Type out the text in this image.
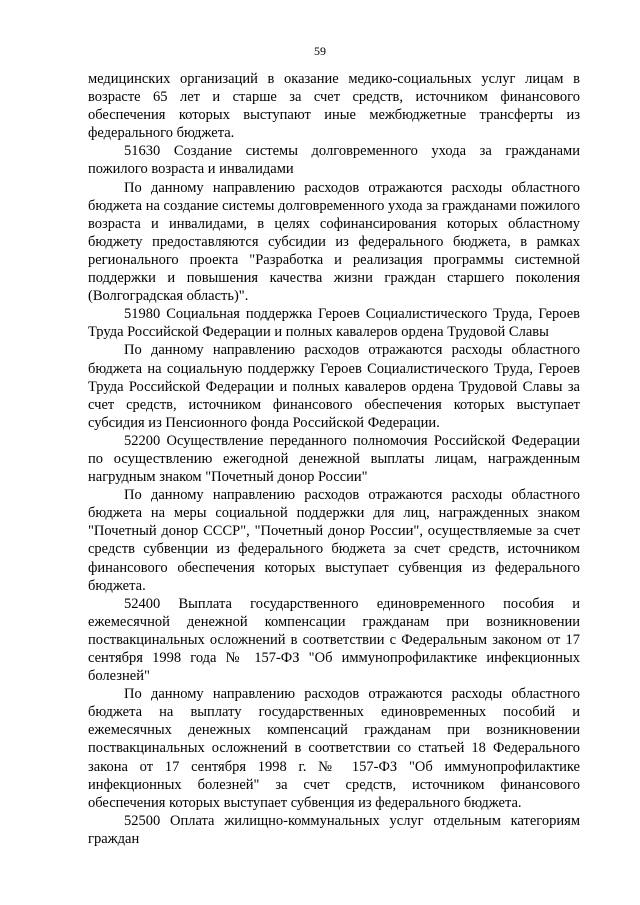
59

медицинских организаций в оказание медико-социальных услуг лицам в возрасте 65 лет и старше за счет средств, источником финансового обеспечения которых выступают иные межбюджетные трансферты из федерального бюджета.

51630 Создание системы долговременного ухода за гражданами пожилого возраста и инвалидами

По данному направлению расходов отражаются расходы областного бюджета на создание системы долговременного ухода за гражданами пожилого возраста и инвалидами, в целях софинансирования которых областному бюджету предоставляются субсидии из федерального бюджета, в рамках регионального проекта "Разработка и реализация программы системной поддержки и повышения качества жизни граждан старшего поколения (Волгоградская область)".

51980 Социальная поддержка Героев Социалистического Труда, Героев Труда Российской Федерации и полных кавалеров ордена Трудовой Славы

По данному направлению расходов отражаются расходы областного бюджета на социальную поддержку Героев Социалистического Труда, Героев Труда Российской Федерации и полных кавалеров ордена Трудовой Славы за счет средств, источником финансового обеспечения которых выступает субсидия из Пенсионного фонда Российской Федерации.

52200 Осуществление переданного полномочия Российской Федерации по осуществлению ежегодной денежной выплаты лицам, награжденным нагрудным знаком "Почетный донор России"

По данному направлению расходов отражаются расходы областного бюджета на меры социальной поддержки для лиц, награжденных знаком "Почетный донор СССР", "Почетный донор России", осуществляемые за счет средств субвенции из федерального бюджета за счет средств, источником финансового обеспечения которых выступает субвенция из федерального бюджета.

52400 Выплата государственного единовременного пособия и ежемесячной денежной компенсации гражданам при возникновении поствакцинальных осложнений в соответствии с Федеральным законом от 17 сентября 1998 года № 157-ФЗ "Об иммунопрофилактике инфекционных болезней"

По данному направлению расходов отражаются расходы областного бюджета на выплату государственных единовременных пособий и ежемесячных денежных компенсаций гражданам при возникновении поствакцинальных осложнений в соответствии со статьей 18 Федерального закона от 17 сентября 1998 г. № 157-ФЗ "Об иммунопрофилактике инфекционных болезней" за счет средств, источником финансового обеспечения которых выступает субвенция из федерального бюджета.

52500 Оплата жилищно-коммунальных услуг отдельным категориям граждан
